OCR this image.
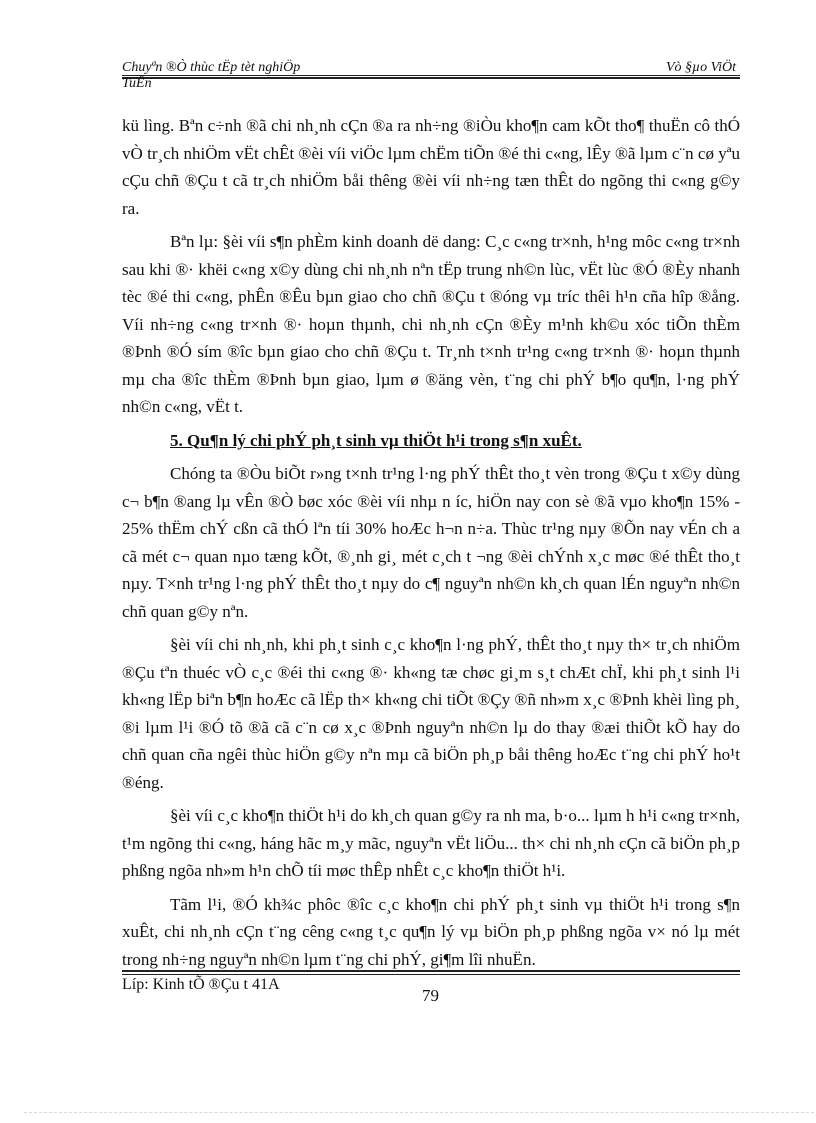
Chuyªn ®Ò thùc tËp tèt nghiÖp	Vò §µo ViÖt
TuÊn

kü lìng. Bªn c÷nh ®ã chi nh¸nh cÇn ®a ra nh÷ng ®iÒu kho¶n cam kÕt tho¶ thuËn cô thÓ vÒ tr¸ch nhiÖm vËt chÊt ®èi víi viÖc lµm chËm tiÕn ®é thi c«ng, lÊy ®ã lµm c¨n cø yªu cÇu chñ ®Çu t cã tr¸ch nhiÖm båi thêng ®èi víi nh÷ng tæn thÊt do ngõng thi c«ng g©y ra.

Bªn lµ: §èi víi s¶n phÈm kinh doanh dë dang: C¸c c«ng tr×nh, h¹ng môc c«ng tr×nh sau khi ®· khëi c«ng x©y dùng chi nh¸nh nªn tËp trung nh©n lùc, vËt lùc ®Ó ®Èy nhanh tèc ®é thi c«ng, phÊn ®Êu bµn giao cho chñ ®Çu t ®óng vµ tríc thêi h¹n cña hîp ®ång. Víi nh÷ng c«ng tr×nh ®· hoµn thµnh, chi nh¸nh cÇn ®Èy m¹nh kh©u xóc tiÕn thÈm ®Þnh ®Ó sím ®îc bµn giao cho chñ ®Çu t. Tr¸nh t×nh tr¹ng c«ng tr×nh ®· hoµn thµnh mµ cha ®îc thÈm ®Þnh bµn giao, lµm ø ®äng vèn, t¨ng chi phÝ b¶o qu¶n, l·ng phÝ nh©n c«ng, vËt t.

5. Qu¶n lý chi phÝ ph¸t sinh vµ thiÖt h¹i trong s¶n xuÊt.

Chóng ta ®Òu biÕt r»ng t×nh tr¹ng l·ng phÝ thÊt tho¸t vèn trong ®Çu t x©y dùng c¬ b¶n ®ang lµ vÊn ®Ò bøc xóc ®èi víi nhµ n íc, hiÖn nay con sè ®ã vµo kho¶n 15% - 25% thËm chÝ cßn cã thÓ lªn tíi 30% hoÆc h¬n n÷a. Thùc tr¹ng nµy ®Õn nay vÉn ch a cã mét c¬ quan nµo tæng kÕt, ®¸nh gi¸ mét c¸ch t ¬ng ®èi chÝnh x¸c møc ®é thÊt tho¸t nµy. T×nh tr¹ng l·ng phÝ thÊt tho¸t nµy do c¶ nguyªn nh©n kh¸ch quan lÉn nguyªn nh©n chñ quan g©y nªn.

§èi víi chi nh¸nh, khi ph¸t sinh c¸c kho¶n l·ng phÝ, thÊt tho¸t nµy th× tr¸ch nhiÖm ®Çu tªn thuéc vÒ c¸c ®éi thi c«ng ®· kh«ng tæ chøc gi¸m s¸t chÆt chÏ, khi ph¸t sinh l¹i kh«ng lËp biªn b¶n hoÆc cã lËp th× kh«ng chi tiÕt ®Çy ®ñ nh»m x¸c ®Þnh khèi lìng ph¸ ®i lµm l¹i ®Ó tõ ®ã cã c¨n cø x¸c ®Þnh nguyªn nh©n lµ do thay ®æi thiÕt kÕ hay do chñ quan cña ngêi thùc hiÖn g©y nªn mµ cã biÖn ph¸p båi thêng hoÆc t¨ng chi phÝ ho¹t ®éng.

§èi víi c¸c kho¶n thiÖt h¹i do kh¸ch quan g©y ra nh ma, b·o... lµm h h¹i c«ng tr×nh, t¹m ngõng thi c«ng, háng hãc m¸y mãc, nguyªn vËt liÖu... th× chi nh¸nh cÇn cã biÖn ph¸p phßng ngõa nh»m h¹n chÕ tíi møc thÊp nhÊt c¸c kho¶n thiÖt h¹i.

Tãm l¹i, ®Ó kh¾c phôc ®îc c¸c kho¶n chi phÝ ph¸t sinh vµ thiÖt h¹i trong s¶n xuÊt, chi nh¸nh cÇn t¨ng cêng c«ng t¸c qu¶n lý vµ biÖn ph¸p phßng ngõa v× nó lµ mét trong nh÷ng nguyªn nh©n lµm t¨ng chi phÝ, gi¶m lîi nhuËn.

Líp: Kinh tÕ ®Çu t 41A
79
